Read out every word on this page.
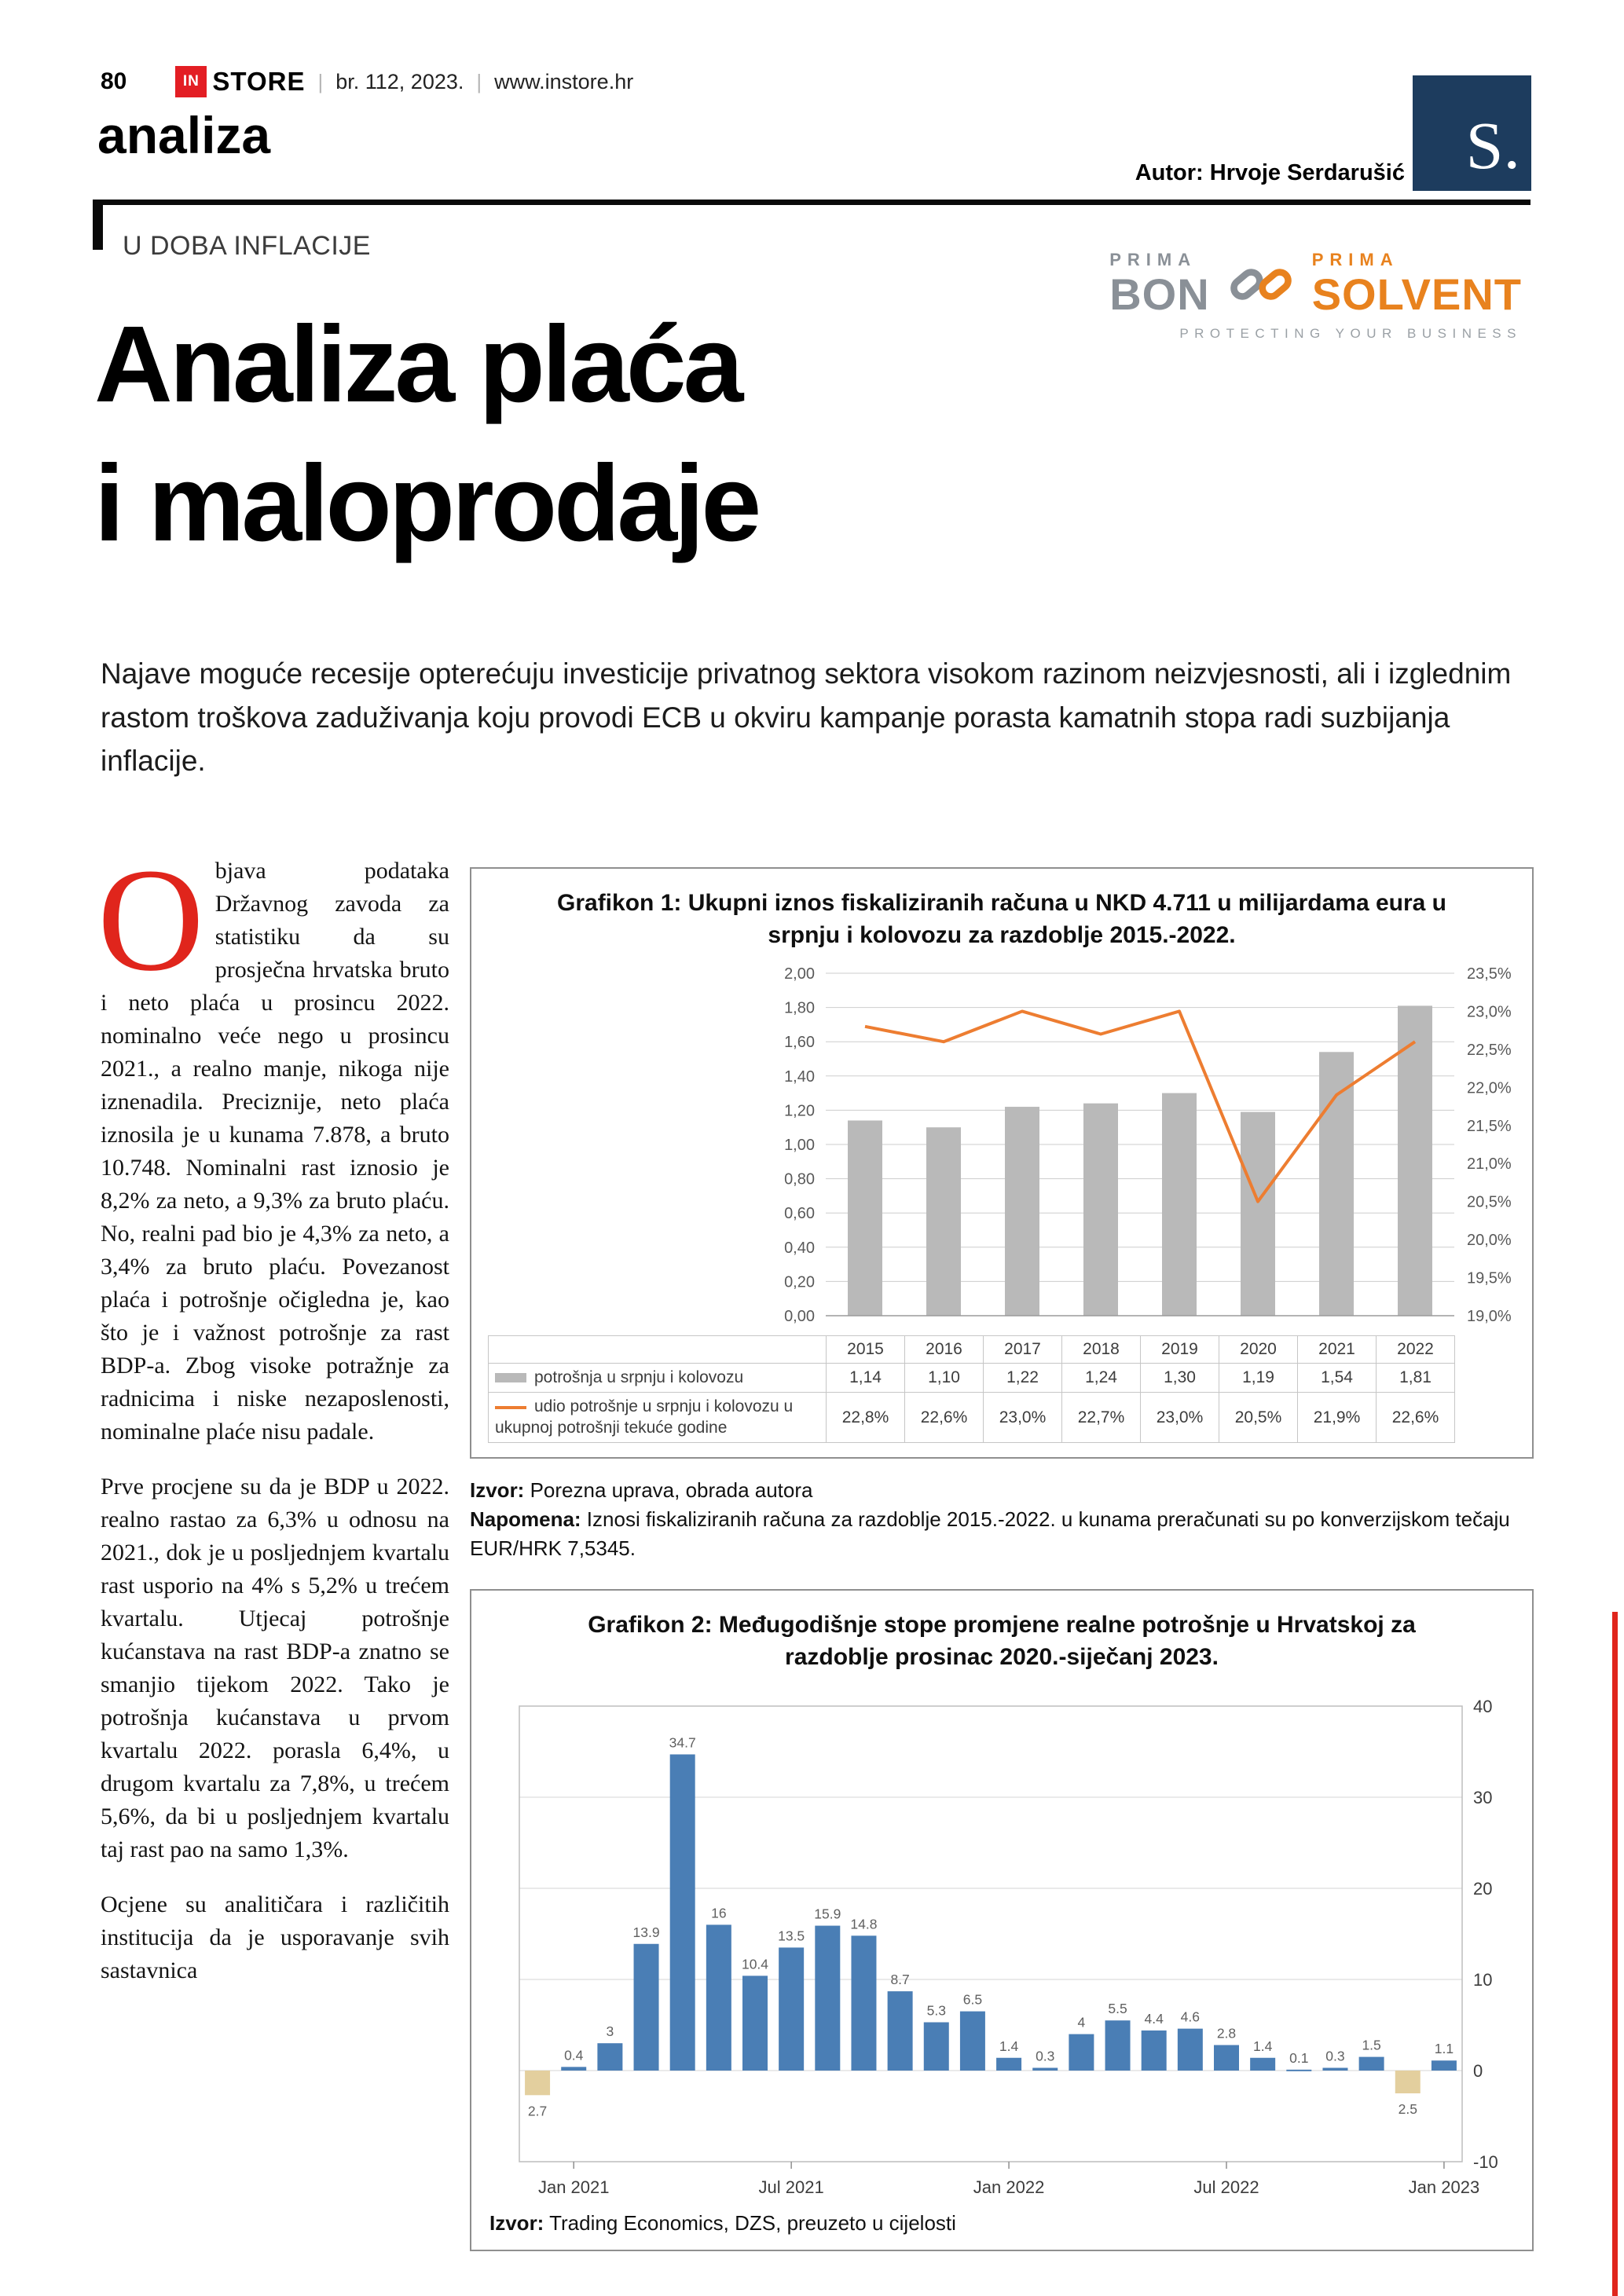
80	IN STORE | br. 112, 2023. | www.instore.hr
analiza	S.
Autor: Hrvoje Serdarušić
U DOBA INFLACIJE	PRIMA
BON
PRIMA
SOLVENT
PROTECTING YOUR BUSINESS
Analiza plaća
i maloprodaje

Najave moguće recesije opterećuju investicije privatnog sektora visokom razinom neizvjesnosti, ali i izglednim rastom troškova zaduživanja koju provodi ECB u okviru kampanje porasta kamatnih stopa radi suzbijanja inflacije.

Objava podataka Državnog zavoda za statistiku da su prosječna hrvatska bruto i neto plaća u prosincu 2022. nominalno veće nego u prosincu 2021., a realno manje, nikoga nije iznenadila. Preciznije, neto plaća iznosila je u kunama 7.878, a bruto 10.748. Nominalni rast iznosio je 8,2% za neto, a 9,3% za bruto plaću. No, realni pad bio je 4,3% za neto, a 3,4% za bruto plaću. Povezanost plaća i potrošnje očigledna je, kao što je i važnost potrošnje za rast BDP-a. Zbog visoke potražnje za radnicima i niske nezaposlenosti, nominalne plaće nisu padale.

Prve procjene su da je BDP u 2022. realno rastao za 6,3% u odnosu na 2021., dok je u posljednjem kvartalu rast usporio na 4% s 5,2% u trećem kvartalu. Utjecaj potrošnje kućanstava na rast BDP-a znatno se smanjio tijekom 2022. Tako je potrošnja kućanstava u prvom kvartalu 2022. porasla 6,4%, u drugom kvartalu za 7,8%, u trećem 5,6%, da bi u posljednjem kvartalu taj rast pao na samo 1,3%.

Ocjene su analitičara i različitih institucija da je usporavanje svih sastavnica

Grafikon 1: Ukupni iznos fiskaliziranih računa u NKD 4.711 u milijardama eura u srpnju i kolovozu za razdoblje 2015.-2022.
2,00
1,80
1,60
1,40
1,20
1,00
0,80
0,60
0,40
0,20
0,00
23,5%
23,0%
22,5%
22,0%
21,5%
21,0%
20,5%
20,0%
19,5%
19,0%
	2015	2016	2017	2018	2019	2020	2021	2022	
potrošnja u srpnju i kolovozu	1,14	1,10	1,22	1,24	1,30	1,19	1,54	1,81	
udio potrošnje u srpnju i kolovozu u ukupnoj potrošnji tekuće godine	22,8%	22,6%	23,0%	22,7%	23,0%	20,5%	21,9%	22,6%	

Izvor: Porezna uprava, obrada autora

Napomena: Iznosi fiskaliziranih računa za razdoblje 2015.-2022. u kunama preračunati su po konverzijskom tečaju EUR/HRK 7,5345.

Grafikon 2: Međugodišnje stope promjene realne potrošnje u Hrvatskoj za razdoblje prosinac 2020.-siječanj 2023.
40
30
20
10
0
-10
2.7
0.4
3
13.9
34.7
16
10.4
13.5
15.9
14.8
8.7
5.3
6.5
1.4
0.3
4
5.5
4.4 4.6
2.8
1.4
0.1 0.3
1.5
2.5
1.1
Jan 2021	Jul 2021	Jan 2022	Jul 2022	Jan 2023

Izvor: Trading Economics, DZS, preuzeto u cijelosti
